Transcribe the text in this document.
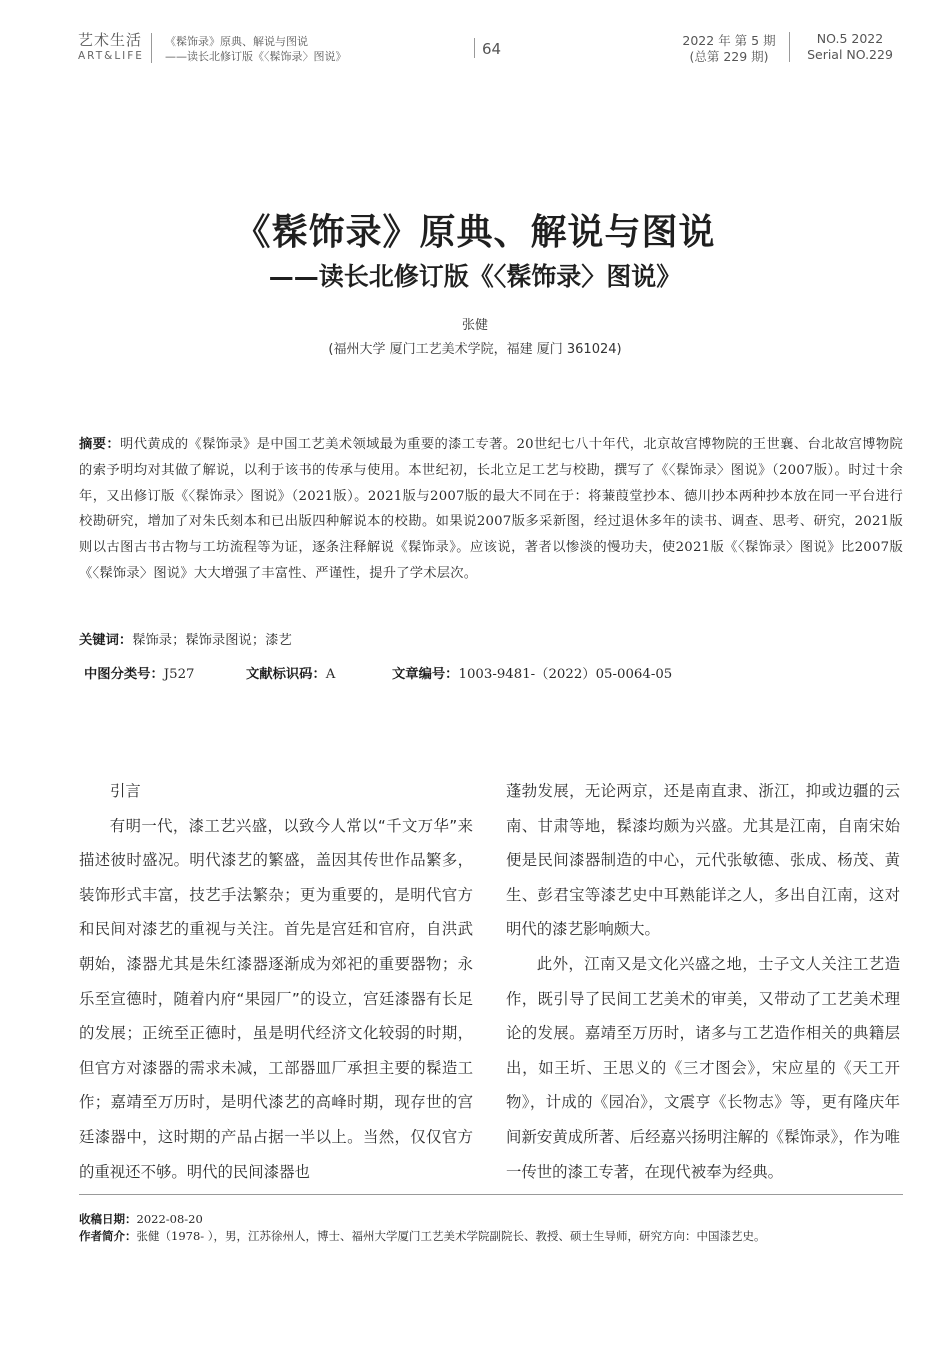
艺术生活
ART&LIFE
《髹饰录》原典、解说与图说
——读长北修订版《〈髹饰录〉图说》	64	2022 年 第 5 期
(总第 229 期)
NO.5 2022
Serial NO.229
《髹饰录》原典、解说与图说
——读长北修订版《〈髹饰录〉图说》
张健
(福州大学 厦门工艺美术学院，福建 厦门 361024)
摘要：明代黄成的《髹饰录》是中国工艺美术领域最为重要的漆工专著。20世纪七八十年代，北京故宫博物院的王世襄、台北故宫博物院的索予明均对其做了解说，以利于该书的传承与使用。本世纪初，长北立足工艺与校勘，撰写了《〈髹饰录〉图说》（2007版）。时过十余年，又出修订版《〈髹饰录〉图说》（2021版）。2021版与2007版的最大不同在于：将蒹葭堂抄本、德川抄本两种抄本放在同一平台进行校勘研究，增加了对朱氏刻本和已出版四种解说本的校勘。如果说2007版多采新图，经过退休多年的读书、调查、思考、研究，2021版则以古图古书古物与工坊流程等为证，逐条注释解说《髹饰录》。应该说，著者以惨淡的慢功夫，使2021版《〈髹饰录〉图说》比2007版《〈髹饰录〉图说》大大增强了丰富性、严谨性，提升了学术层次。
关键词：髹饰录；髹饰录图说；漆艺
中图分类号：J527	文献标识码：A	文章编号：1003-9481-（2022）05-0064-05

引言

有明一代，漆工艺兴盛，以致今人常以“千文万华”来描述彼时盛况。明代漆艺的繁盛，盖因其传世作品繁多，装饰形式丰富，技艺手法繁杂；更为重要的，是明代官方和民间对漆艺的重视与关注。首先是宫廷和官府，自洪武朝始，漆器尤其是朱红漆器逐渐成为郊祀的重要器物；永乐至宣德时，随着内府“果园厂”的设立，宫廷漆器有长足的发展；正统至正德时，虽是明代经济文化较弱的时期，但官方对漆器的需求未减，工部器皿厂承担主要的髹造工作；嘉靖至万历时，是明代漆艺的高峰时期，现存世的宫廷漆器中，这时期的产品占据一半以上。当然，仅仅官方的重视还不够。明代的民间漆器也

蓬勃发展，无论两京，还是南直隶、浙江，抑或边疆的云南、甘肃等地，髹漆均颇为兴盛。尤其是江南，自南宋始便是民间漆器制造的中心，元代张敏德、张成、杨茂、黄生、彭君宝等漆艺史中耳熟能详之人，多出自江南，这对明代的漆艺影响颇大。

此外，江南又是文化兴盛之地，士子文人关注工艺造作，既引导了民间工艺美术的审美，又带动了工艺美术理论的发展。嘉靖至万历时，诸多与工艺造作相关的典籍层出，如王圻、王思义的《三才图会》，宋应星的《天工开物》，计成的《园冶》，文震亨《长物志》等，更有隆庆年间新安黄成所著、后经嘉兴扬明注解的《髹饰录》，作为唯一传世的漆工专著，在现代被奉为经典。

收稿日期：2022-08-20
作者简介：张健（1978- ），男，江苏徐州人，博士、福州大学厦门工艺美术学院副院长、教授、硕士生导师，研究方向：中国漆艺史。
